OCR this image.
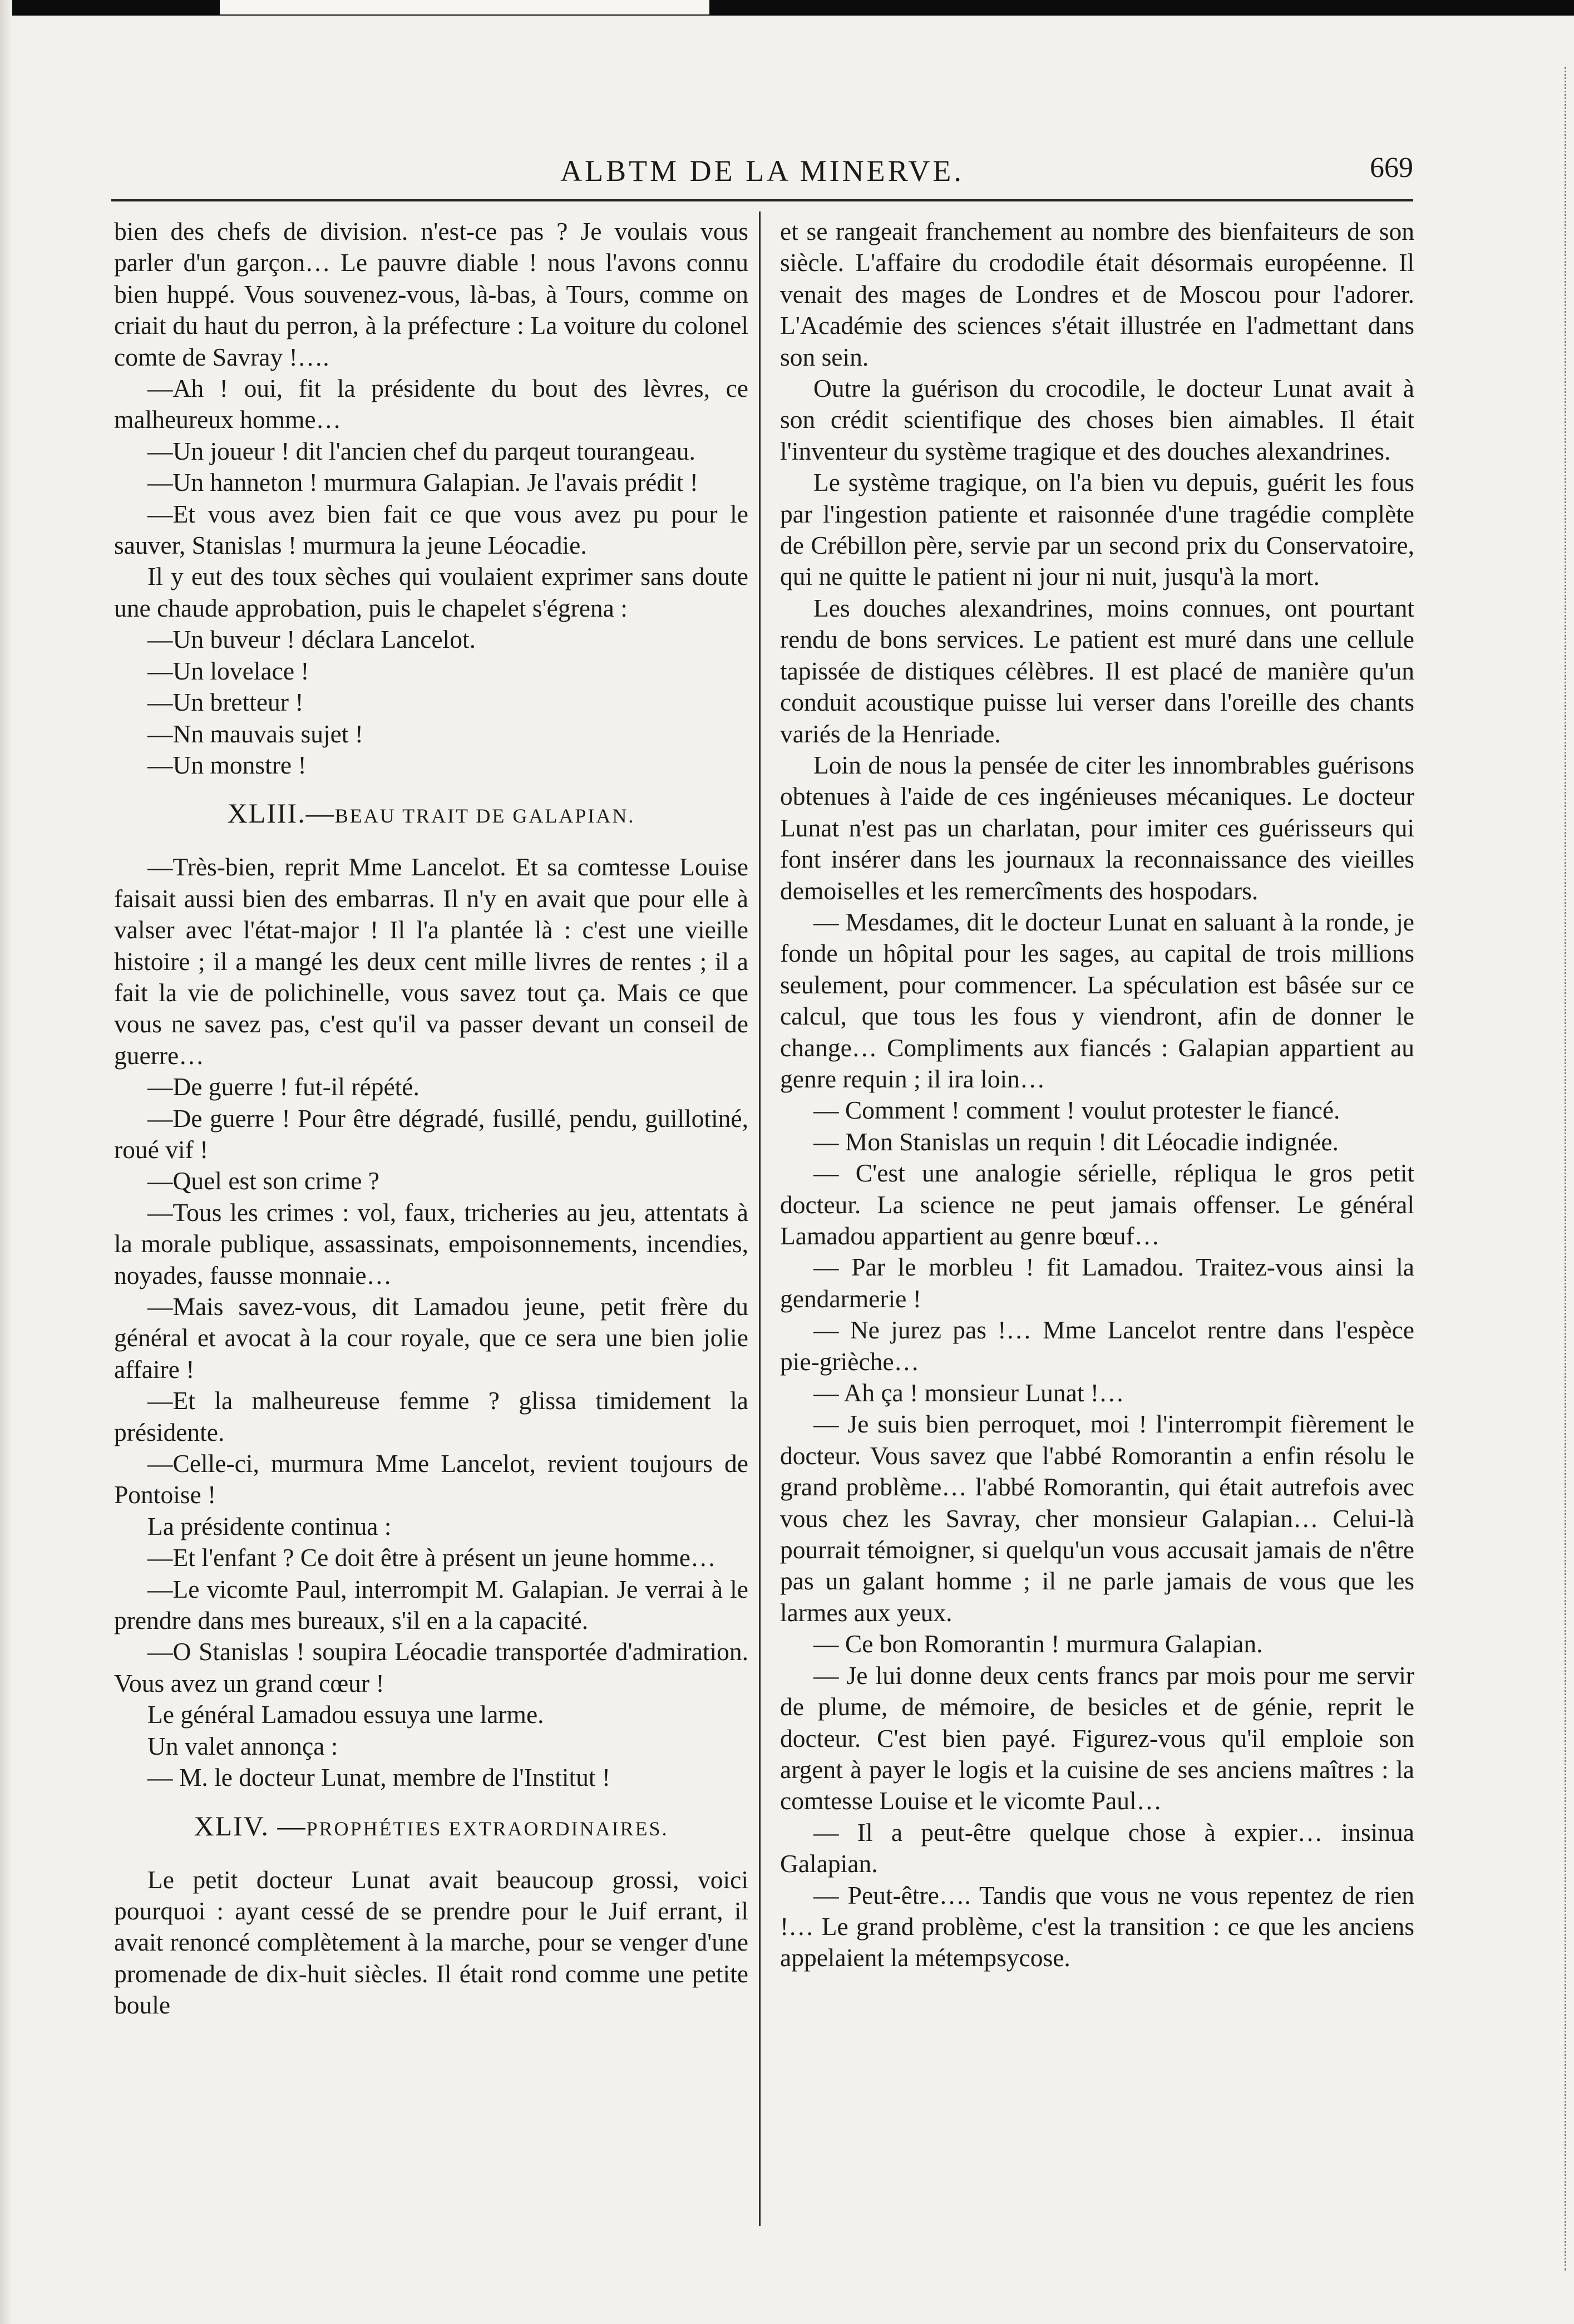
ALBTM DE LA MINERVE.	669

bien des chefs de division. n'est-ce pas ? Je voulais vous parler d'un garçon… Le pauvre diable ! nous l'avons connu bien huppé. Vous souvenez-vous, là-bas, à Tours, comme on criait du haut du perron, à la préfecture : La voiture du colonel comte de Savray !….

—Ah ! oui, fit la présidente du bout des lèvres, ce malheureux homme…

—Un joueur ! dit l'ancien chef du parqeut tourangeau.

—Un hanneton ! murmura Galapian. Je l'avais prédit !

—Et vous avez bien fait ce que vous avez pu pour le sauver, Stanislas ! murmura la jeune Léocadie.

Il y eut des toux sèches qui voulaient exprimer sans doute une chaude approbation, puis le chapelet s'égrena :

—Un buveur ! déclara Lancelot.

—Un lovelace !

—Un bretteur !

—Nn mauvais sujet !

—Un monstre !

XLIII.—BEAU TRAIT DE GALAPIAN.

—Très-bien, reprit Mme Lancelot. Et sa comtesse Louise faisait aussi bien des embarras. Il n'y en avait que pour elle à valser avec l'état-major ! Il l'a plantée là : c'est une vieille histoire ; il a mangé les deux cent mille livres de rentes ; il a fait la vie de polichinelle, vous savez tout ça. Mais ce que vous ne savez pas, c'est qu'il va passer devant un conseil de guerre…

—De guerre ! fut-il répété.

—De guerre ! Pour être dégradé, fusillé, pendu, guillotiné, roué vif !

—Quel est son crime ?

—Tous les crimes : vol, faux, tricheries au jeu, attentats à la morale publique, assassinats, empoisonnements, incendies, noyades, fausse monnaie…

—Mais savez-vous, dit Lamadou jeune, petit frère du général et avocat à la cour royale, que ce sera une bien jolie affaire !

—Et la malheureuse femme ? glissa timidement la présidente.

—Celle-ci, murmura Mme Lancelot, revient toujours de Pontoise !

La présidente continua :

—Et l'enfant ? Ce doit être à présent un jeune homme…

—Le vicomte Paul, interrompit M. Galapian. Je verrai à le prendre dans mes bureaux, s'il en a la capacité.

—O Stanislas ! soupira Léocadie transportée d'admiration. Vous avez un grand cœur !

Le général Lamadou essuya une larme.

Un valet annonça :

— M. le docteur Lunat, membre de l'Institut !

XLIV. —PROPHÉTIES EXTRAORDINAIRES.

Le petit docteur Lunat avait beaucoup grossi, voici pourquoi : ayant cessé de se prendre pour le Juif errant, il avait renoncé complètement à la marche, pour se venger d'une promenade de dix-huit siècles. Il était rond comme une petite boule

et se rangeait franchement au nombre des bienfaiteurs de son siècle. L'affaire du crododile était désormais européenne. Il venait des mages de Londres et de Moscou pour l'adorer. L'Académie des sciences s'était illustrée en l'admettant dans son sein.

Outre la guérison du crocodile, le docteur Lunat avait à son crédit scientifique des choses bien aimables. Il était l'inventeur du système tragique et des douches alexandrines.

Le système tragique, on l'a bien vu depuis, guérit les fous par l'ingestion patiente et raisonnée d'une tragédie complète de Crébillon père, servie par un second prix du Conservatoire, qui ne quitte le patient ni jour ni nuit, jusqu'à la mort.

Les douches alexandrines, moins connues, ont pourtant rendu de bons services. Le patient est muré dans une cellule tapissée de distiques célèbres. Il est placé de manière qu'un conduit acoustique puisse lui verser dans l'oreille des chants variés de la Henriade.

Loin de nous la pensée de citer les innombrables guérisons obtenues à l'aide de ces ingénieuses mécaniques. Le docteur Lunat n'est pas un charlatan, pour imiter ces guérisseurs qui font insérer dans les journaux la reconnaissance des vieilles demoiselles et les remercîments des hospodars.

— Mesdames, dit le docteur Lunat en saluant à la ronde, je fonde un hôpital pour les sages, au capital de trois millions seulement, pour commencer. La spéculation est bâsée sur ce calcul, que tous les fous y viendront, afin de donner le change… Compliments aux fiancés : Galapian appartient au genre requin ; il ira loin…

— Comment ! comment ! voulut protester le fiancé.

— Mon Stanislas un requin ! dit Léocadie indignée.

— C'est une analogie sérielle, répliqua le gros petit docteur. La science ne peut jamais offenser. Le général Lamadou appartient au genre bœuf…

— Par le morbleu ! fit Lamadou. Traitez-vous ainsi la gendarmerie !

— Ne jurez pas !… Mme Lancelot rentre dans l'espèce pie-grièche…

— Ah ça ! monsieur Lunat !…

— Je suis bien perroquet, moi ! l'interrompit fièrement le docteur. Vous savez que l'abbé Romorantin a enfin résolu le grand problème… l'abbé Romorantin, qui était autrefois avec vous chez les Savray, cher monsieur Galapian… Celui-là pourrait témoigner, si quelqu'un vous accusait jamais de n'être pas un galant homme ; il ne parle jamais de vous que les larmes aux yeux.

— Ce bon Romorantin ! murmura Galapian.

— Je lui donne deux cents francs par mois pour me servir de plume, de mémoire, de besicles et de génie, reprit le docteur. C'est bien payé. Figurez-vous qu'il emploie son argent à payer le logis et la cuisine de ses anciens maîtres : la comtesse Louise et le vicomte Paul…

— Il a peut-être quelque chose à expier… insinua Galapian.

— Peut-être…. Tandis que vous ne vous repentez de rien !… Le grand problème, c'est la transition : ce que les anciens appelaient la métempsycose.
